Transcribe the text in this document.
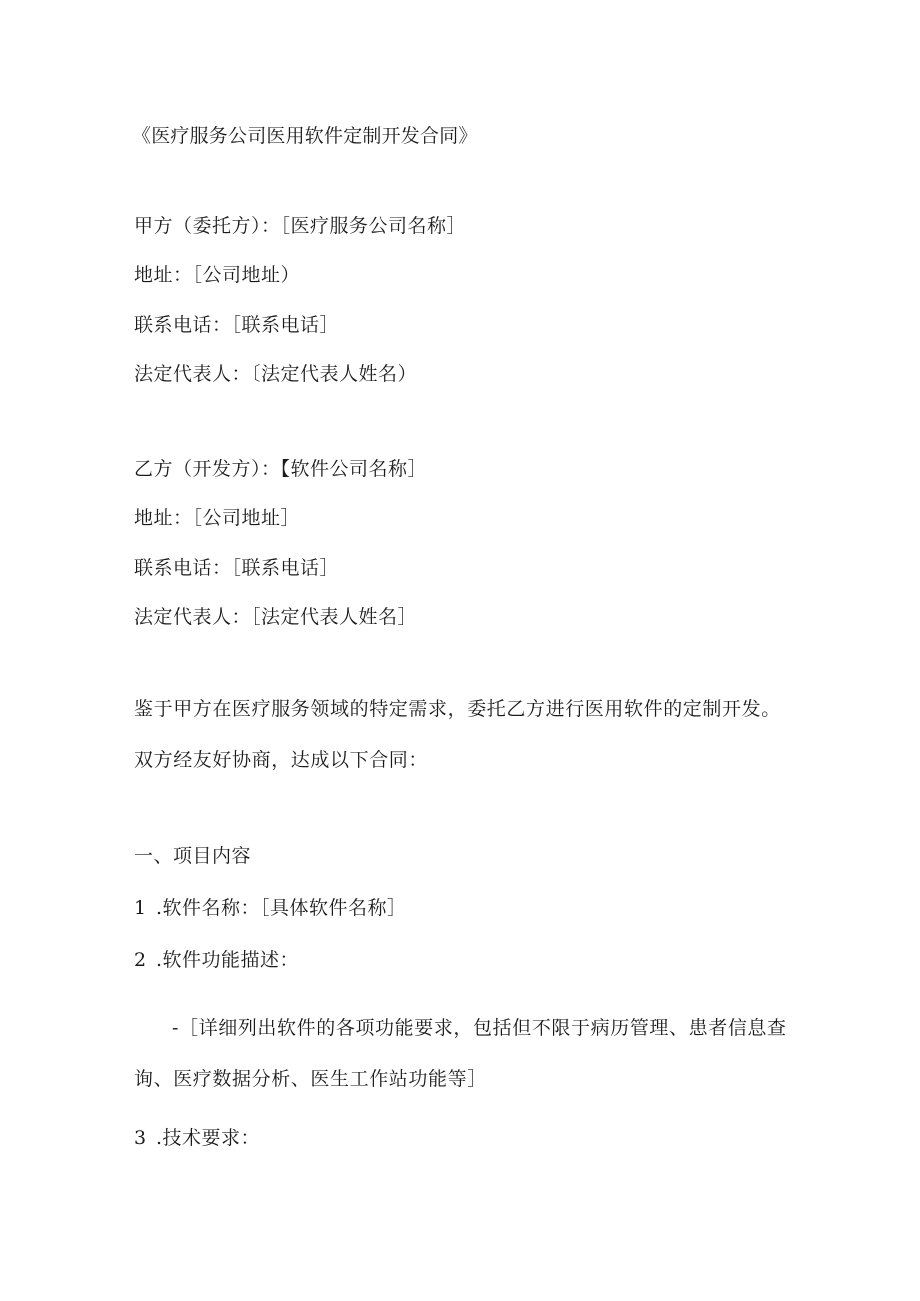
《医疗服务公司医用软件定制开发合同》
甲方（委托方）：［医疗服务公司名称］
地址：［公司地址）
联系电话：［联系电话］
法定代表人：〔法定代表人姓名）
乙方（开发方）：【软件公司名称］
地址：［公司地址］
联系电话：［联系电话］
法定代表人：［法定代表人姓名］
鉴于甲方在医疗服务领域的特定需求，委托乙方进行医用软件的定制开发。双方经友好协商，达成以下合同：
一、项目内容
1 .软件名称：［具体软件名称］
2 .软件功能描述：
-［详细列出软件的各项功能要求，包括但不限于病历管理、患者信息查询、医疗数据分析、医生工作站功能等］
3 .技术要求：
